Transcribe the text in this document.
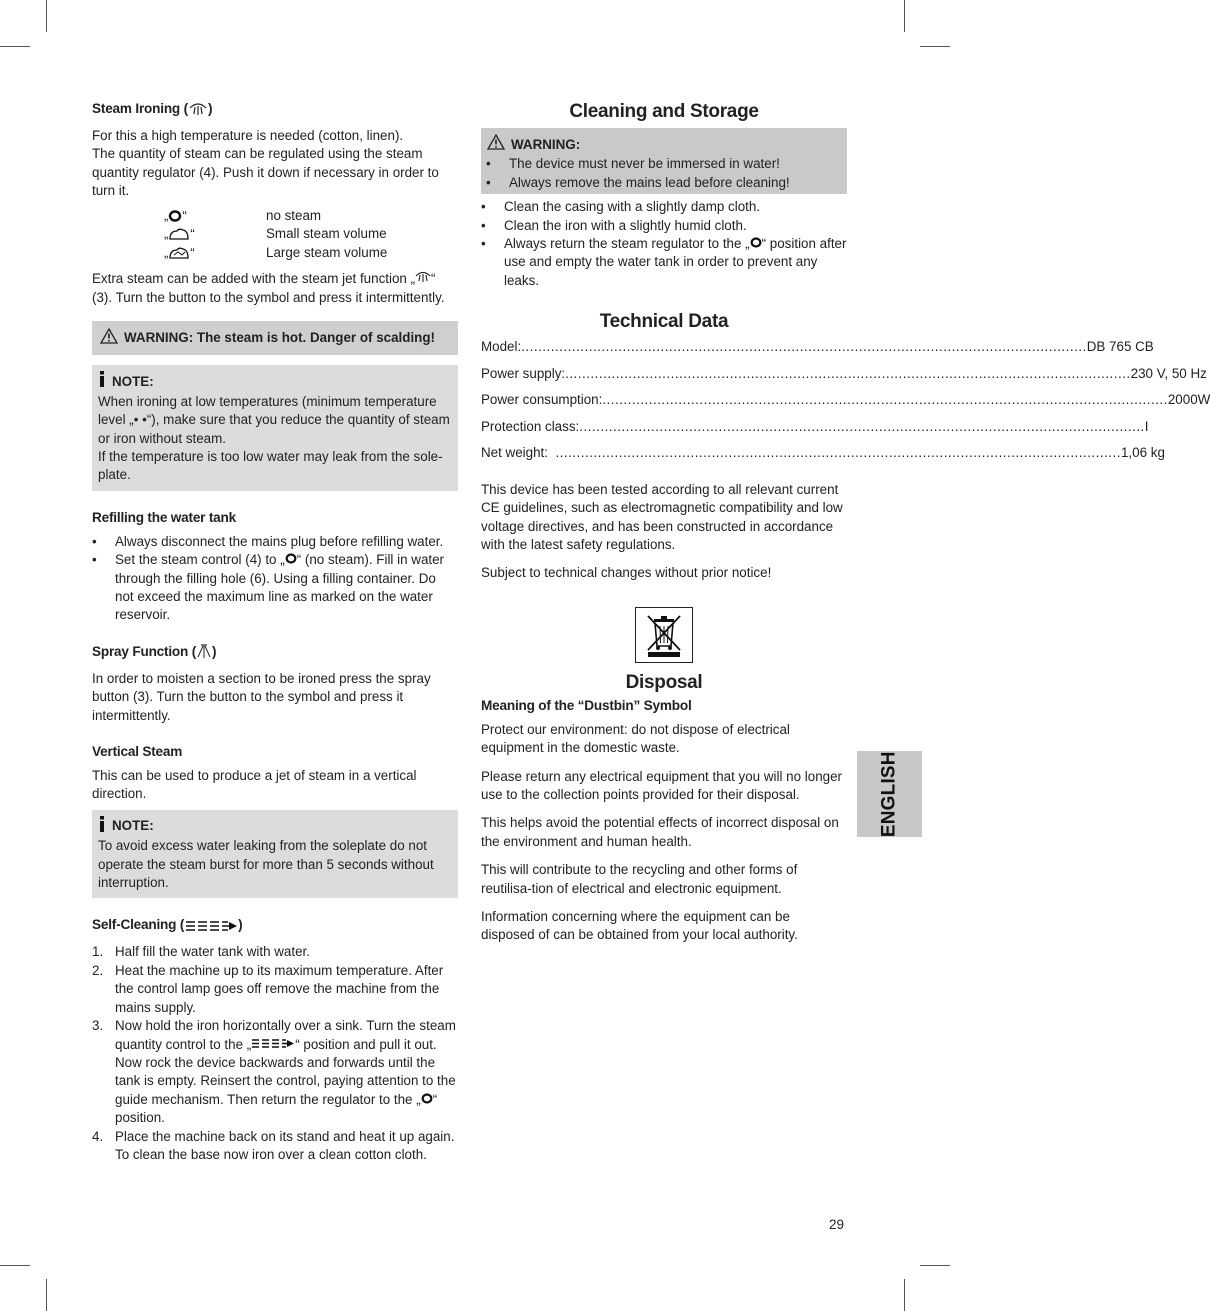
Steam Ironing ( )

For this a high temperature is needed (cotton, linen).

The quantity of steam can be regulated using the steam quantity regulator (4). Push it down if necessary in order to turn it.

„ “	no steam
„ “	Small steam volume
„ “	Large steam volume

Extra steam can be added with the steam jet function „ “ (3). Turn the button to the symbol and press it intermittently.

WARNING: The steam is hot. Danger of scalding!
NOTE:

When ironing at low temperatures (minimum temperature level „• •“), make sure that you reduce the quantity of steam or iron without steam.

If the temperature is too low water may leak from the sole-plate.

Refilling the water tank
• Always disconnect the mains plug before refilling water.
• Set the steam control (4) to „ “ (no steam). Fill in water through the filling hole (6). Using a filling container. Do not exceed the maximum line as marked on the water reservoir.
Spray Function ( )

In order to moisten a section to be ironed press the spray button (3). Turn the button to the symbol and press it intermittently.

Vertical Steam

This can be used to produce a jet of steam in a vertical direction.

NOTE:

To avoid excess water leaking from the soleplate do not operate the steam burst for more than 5 seconds without interruption.

Self-Cleaning (	)
1. Half fill the water tank with water.
2. Heat the machine up to its maximum temperature. After the control lamp goes off remove the machine from the mains supply.
3. Now hold the iron horizontally over a sink. Turn the steam quantity control to the „	“ position and pull it out. Now rock the device backwards and forwards until the tank is empty. Reinsert the control, paying attention to the guide mechanism. Then return the regulator to the „ “ position.
4. Place the machine back on its stand and heat it up again. To clean the base now iron over a clean cotton cloth.
Cleaning and Storage
WARNING:
• The device must never be immersed in water!
• Always remove the mains lead before cleaning!
• Clean the casing with a slightly damp cloth.
• Clean the iron with a slightly humid cloth.
• Always return the steam regulator to the „ “ position after use and empty the water tank in order to prevent any leaks.
Technical Data
Model: ...................................................................................................................................... DB 765 CB
Power supply: ...................................................................................................................................... 230 V, 50 Hz
Power consumption: ...................................................................................................................................... 2000W
Protection class: ...................................................................................................................................... I
Net weight: ...................................................................................................................................... 1,06 kg

This device has been tested according to all relevant current CE guidelines, such as electromagnetic compatibility and low voltage directives, and has been constructed in accordance with the latest safety regulations.

Subject to technical changes without prior notice!

Disposal
Meaning of the “Dustbin” Symbol

Protect our environment: do not dispose of electrical equipment in the domestic waste.

Please return any electrical equipment that you will no longer use to the collection points provided for their disposal.

This helps avoid the potential effects of incorrect disposal on the environment and human health.

This will contribute to the recycling and other forms of reutilisa-tion of electrical and electronic equipment.

Information concerning where the equipment can be disposed of can be obtained from your local authority.

ENGLISH
29
